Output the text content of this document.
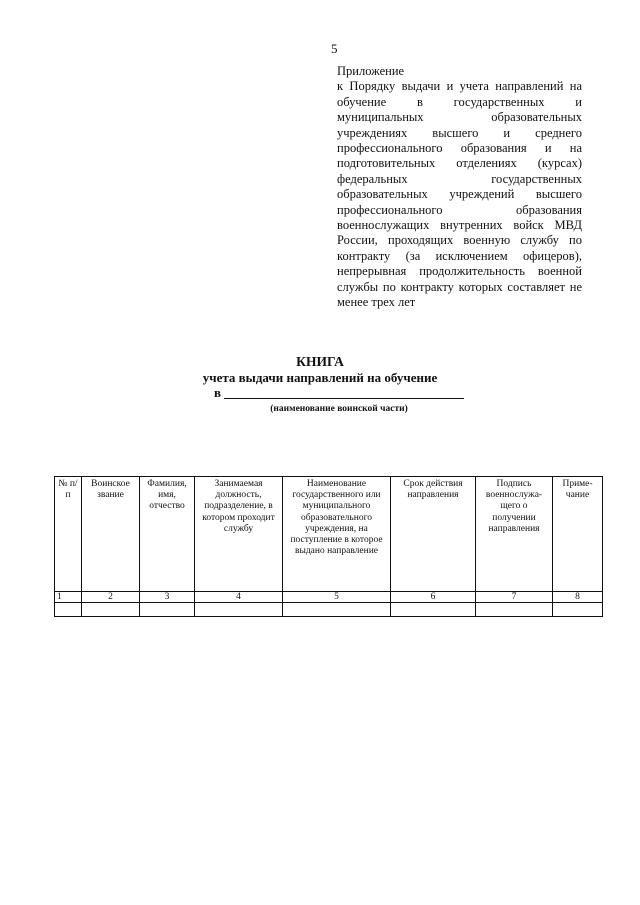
5

Приложение

к Порядку выдачи и учета направлений на обучение в государственных и муниципальных образовательных учреждениях высшего и среднего профессионального образования и на подготовительных отделениях (курсах) федеральных государственных образовательных учреждений высшего профессионального образования военнослужащих внутренних войск МВД России, проходящих военную службу по контракту (за исключением офицеров), непрерывная продолжительность военной службы по контракту которых составляет не менее трех лет

КНИГА
учета выдачи направлений на обучение
в
(наименование воинской части)
№ п/п	Воинское звание	Фамилия, имя, отчество	Занимаемая должность, подразделение, в котором проходит службу	Наименование государственного или муниципального образовательного учреждения, на поступление в которое выдано направление	Срок действия направления	Подпись военнослужа-щего о получении направления	Приме-чание
1	2	3	4	5	6	7	8
